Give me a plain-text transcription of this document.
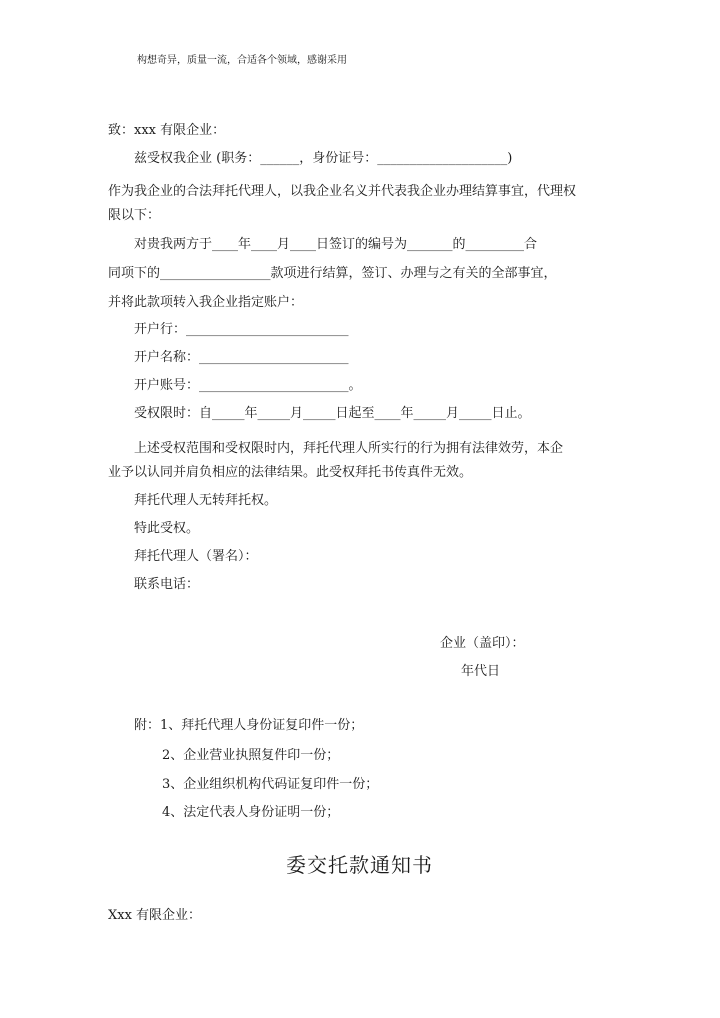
构想奇异，质量一流，合适各个领域，感谢采用
致：xxx 有限企业：
兹受权我企业 (职务：______，身份证号：____________________)
作为我企业的合法拜托代理人，以我企业名义并代表我企业办理结算事宜，代理权
限以下：
对贵我两方于____年____月____日签订的编号为_______的_________合
同项下的_________________款项进行结算，签订、办理与之有关的全部事宜，
并将此款项转入我企业指定账户：
开户行：_________________________
开户名称：_______________________
开户账号：_______________________。
受权限时：自_____年_____月_____日起至____年_____月_____日止。
上述受权范围和受权限时内，拜托代理人所实行的行为拥有法律效劳，本企
业予以认同并肩负相应的法律结果。此受权拜托书传真件无效。
拜托代理人无转拜托权。
特此受权。
拜托代理人（署名）：
联系电话：
企业（盖印）：
年代日
附：1、拜托代理人身份证复印件一份；
2、企业营业执照复件印一份；
3、企业组织机构代码证复印件一份；
4、法定代表人身份证明一份；
委交托款通知书
Xxx 有限企业：
